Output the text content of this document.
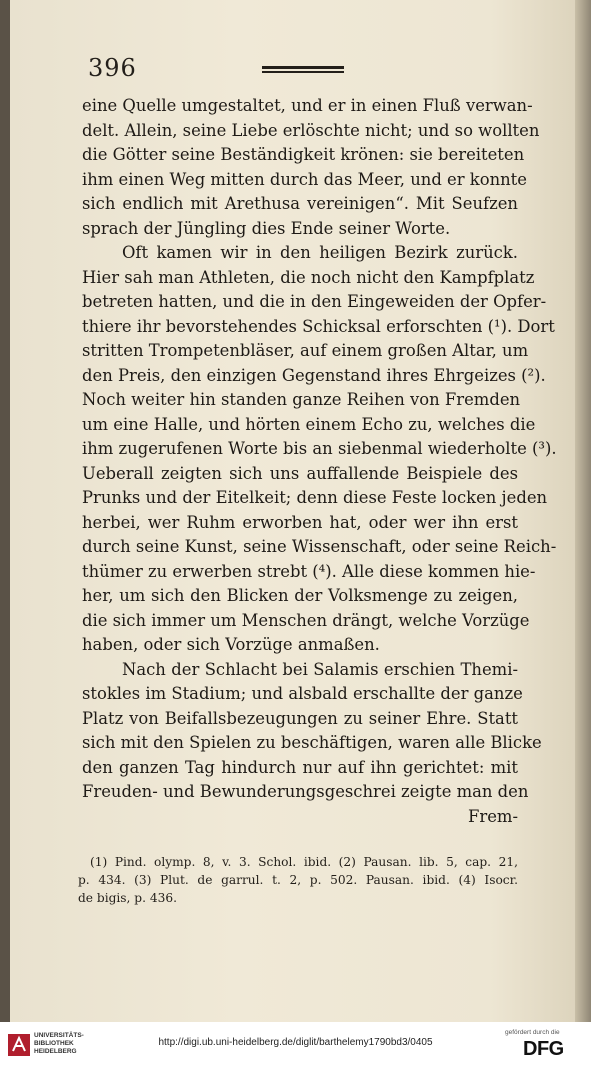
396
eine Quelle umgestaltet, und er in einen Fluß verwan-
delt. Allein, seine Liebe erlöschte nicht; und so wollten
die Götter seine Beständigkeit krönen: sie bereiteten
ihm einen Weg mitten durch das Meer, und er konnte
sich endlich mit Arethusa vereinigen“. Mit Seufzen
sprach der Jüngling dies Ende seiner Worte.
Oft kamen wir in den heiligen Bezirk zurück.
Hier sah man Athleten, die noch nicht den Kampfplatz
betreten hatten, und die in den Eingeweiden der Opfer-
thiere ihr bevorstehendes Schicksal erforschten (¹). Dort
stritten Trompetenbläser, auf einem großen Altar, um
den Preis, den einzigen Gegenstand ihres Ehrgeizes (²).
Noch weiter hin standen ganze Reihen von Fremden
um eine Halle, und hörten einem Echo zu, welches die
ihm zugerufenen Worte bis an siebenmal wiederholte (³).
Ueberall zeigten sich uns auffallende Beispiele des
Prunks und der Eitelkeit; denn diese Feste locken jeden
herbei, wer Ruhm erworben hat, oder wer ihn erst
durch seine Kunst, seine Wissenschaft, oder seine Reich-
thümer zu erwerben strebt (⁴). Alle diese kommen hie-
her, um sich den Blicken der Volksmenge zu zeigen,
die sich immer um Menschen drängt, welche Vorzüge
haben, oder sich Vorzüge anmaßen.
Nach der Schlacht bei Salamis erschien Themi-
stokles im Stadium; und alsbald erschallte der ganze
Platz von Beifallsbezeugungen zu seiner Ehre. Statt
sich mit den Spielen zu beschäftigen, waren alle Blicke
den ganzen Tag hindurch nur auf ihn gerichtet: mit
Freuden- und Bewunderungsgeschrei zeigte man den
Frem-
(1) Pind. olymp. 8, v. 3. Schol. ibid. (2) Pausan. lib. 5, cap. 21,
p. 434. (3) Plut. de garrul. t. 2, p. 502. Pausan. ibid. (4) Isocr.
de bigis, p. 436.
UNIVERSITÄTS-
BIBLIOTHEK
HEIDELBERG
http://digi.ub.uni-heidelberg.de/diglit/barthelemy1790bd3/0405
gefördert durch die
DFG
